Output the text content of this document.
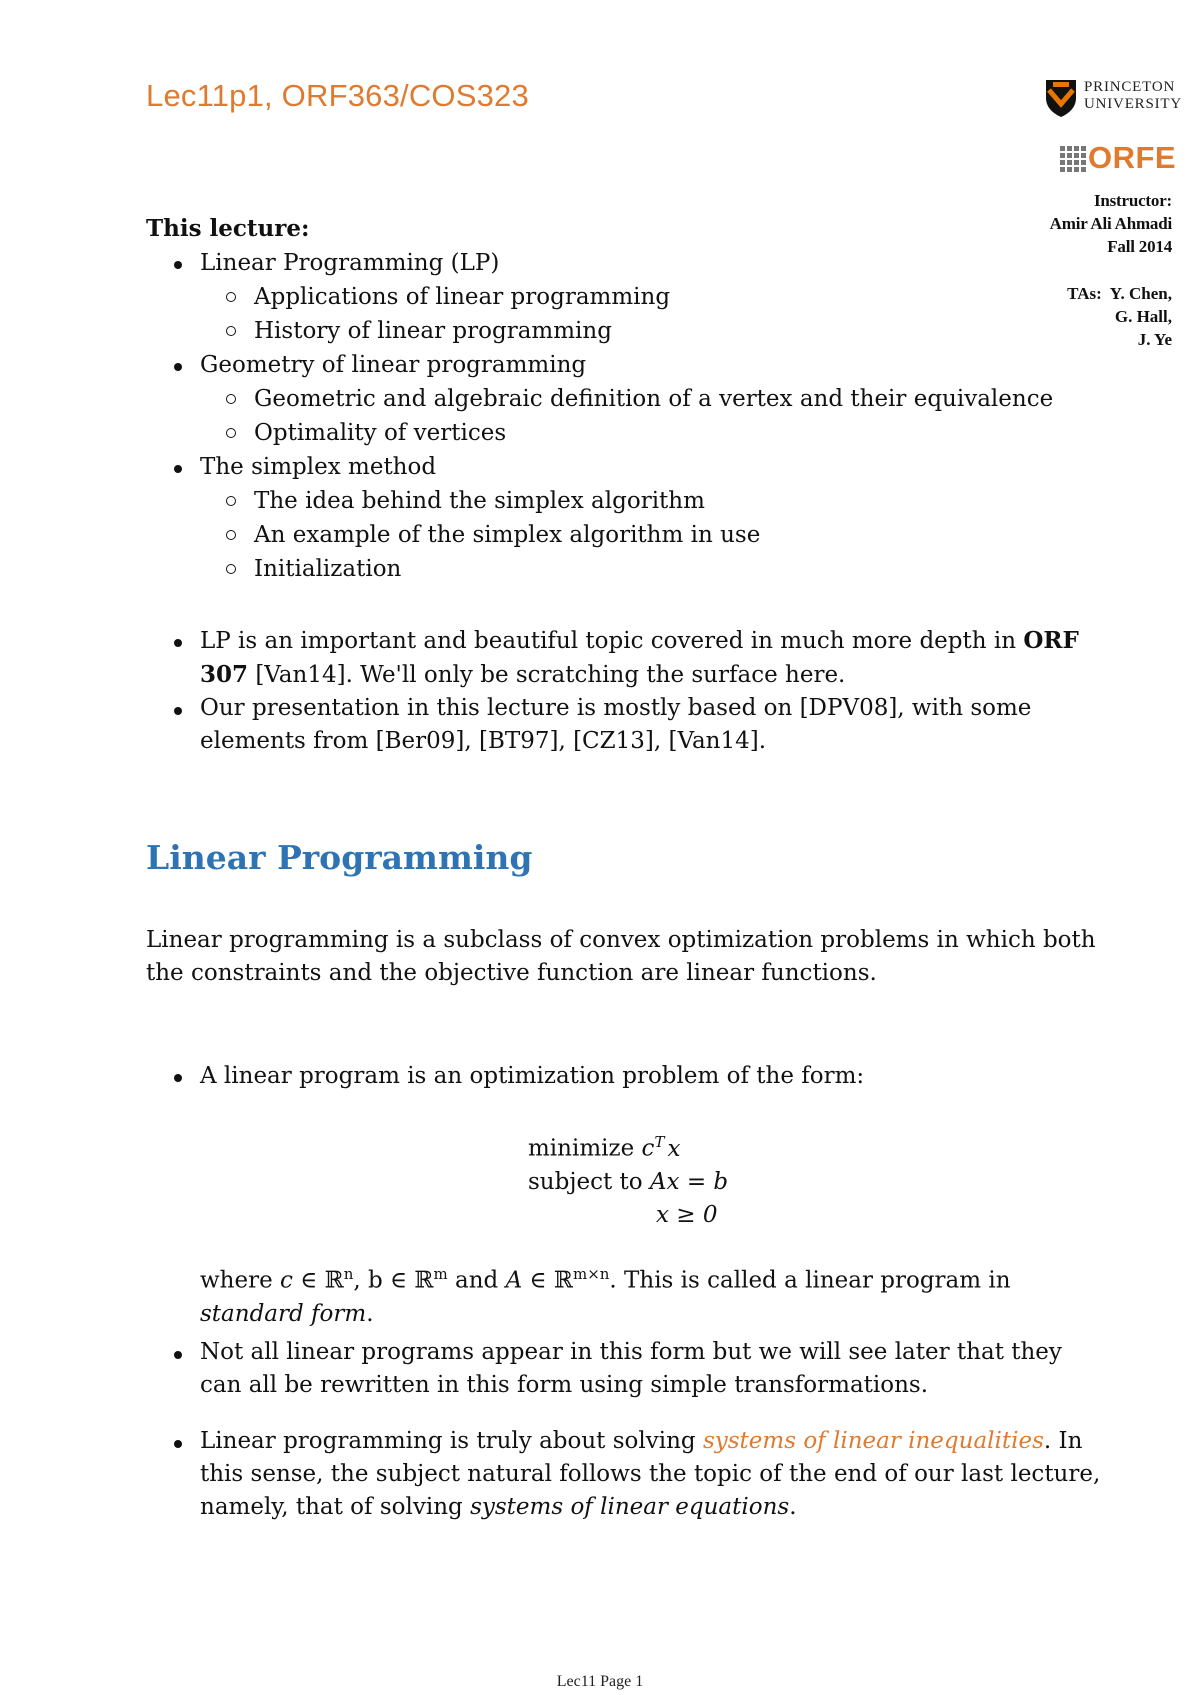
Lec11p1, ORF363/COS323	PRINCETON
UNIVERSITY
ORFE
Instructor:
Amir Ali Ahmadi
Fall 2014
TAs: Y. Chen,
G. Hall,
J. Ye
This lecture:
Linear Programming (LP)
Applications of linear programming
History of linear programming
Geometry of linear programming
Geometric and algebraic definition of a vertex and their equivalence
Optimality of vertices
The simplex method
The idea behind the simplex algorithm
An example of the simplex algorithm in use
Initialization
LP is an important and beautiful topic covered in much more depth in ORF 307 [Van14]. We'll only be scratching the surface here.
Our presentation in this lecture is mostly based on [DPV08], with some elements from [Ber09], [BT97], [CZ13], [Van14].
Linear Programming
Linear programming is a subclass of convex optimization problems in which both the constraints and the objective function are linear functions.
A linear program is an optimization problem of the form:
minimize $c^T$ x
subject to Ax = b
x ≥ 0
where c ∈ ℝ$^n$, b ∈ ℝ$^m$ and A ∈ ℝ$^{m\times n}$. This is called a linear program in standard form.
Not all linear programs appear in this form but we will see later that they can all be rewritten in this form using simple transformations.
Linear programming is truly about solving systems of linear inequalities. In this sense, the subject natural follows the topic of the end of our last lecture, namely, that of solving systems of linear equations.
Lec11 Page 1
